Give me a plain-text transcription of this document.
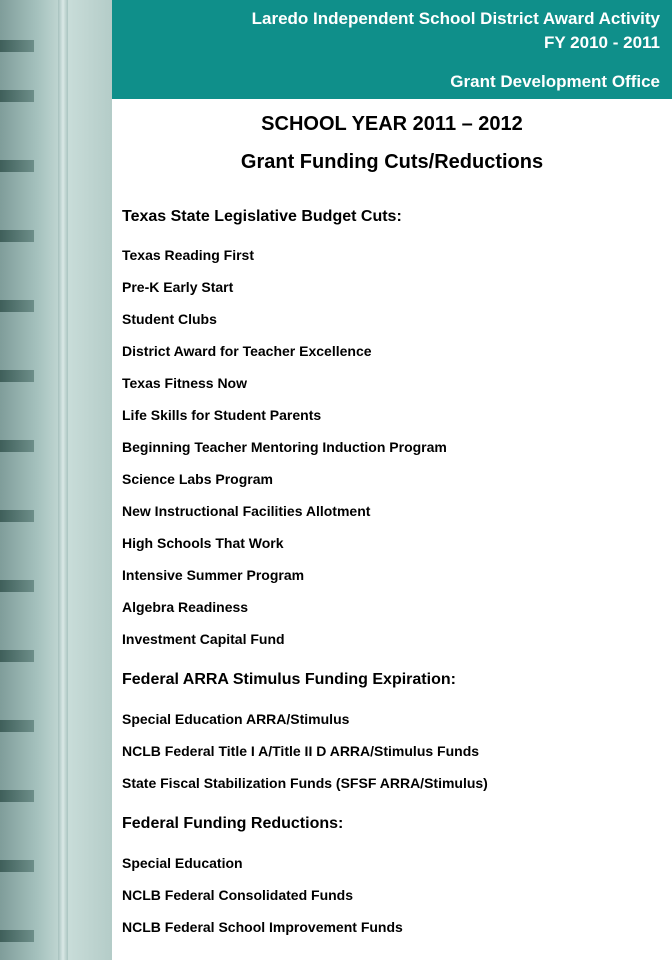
Laredo Independent School District Award Activity
FY 2010 - 2011
Grant Development Office
SCHOOL YEAR 2011 – 2012
Grant Funding Cuts/Reductions
Texas State Legislative Budget Cuts:
Texas Reading First
Pre-K Early Start
Student Clubs
District Award for Teacher Excellence
Texas Fitness Now
Life Skills for Student Parents
Beginning Teacher Mentoring Induction Program
Science Labs Program
New Instructional Facilities Allotment
High Schools That Work
Intensive Summer Program
Algebra Readiness
Investment Capital Fund
Federal ARRA Stimulus Funding Expiration:
Special Education ARRA/Stimulus
NCLB Federal Title I A/Title II D ARRA/Stimulus Funds
State Fiscal Stabilization Funds (SFSF ARRA/Stimulus)
Federal Funding Reductions:
Special Education
NCLB Federal Consolidated Funds
NCLB Federal School Improvement Funds
